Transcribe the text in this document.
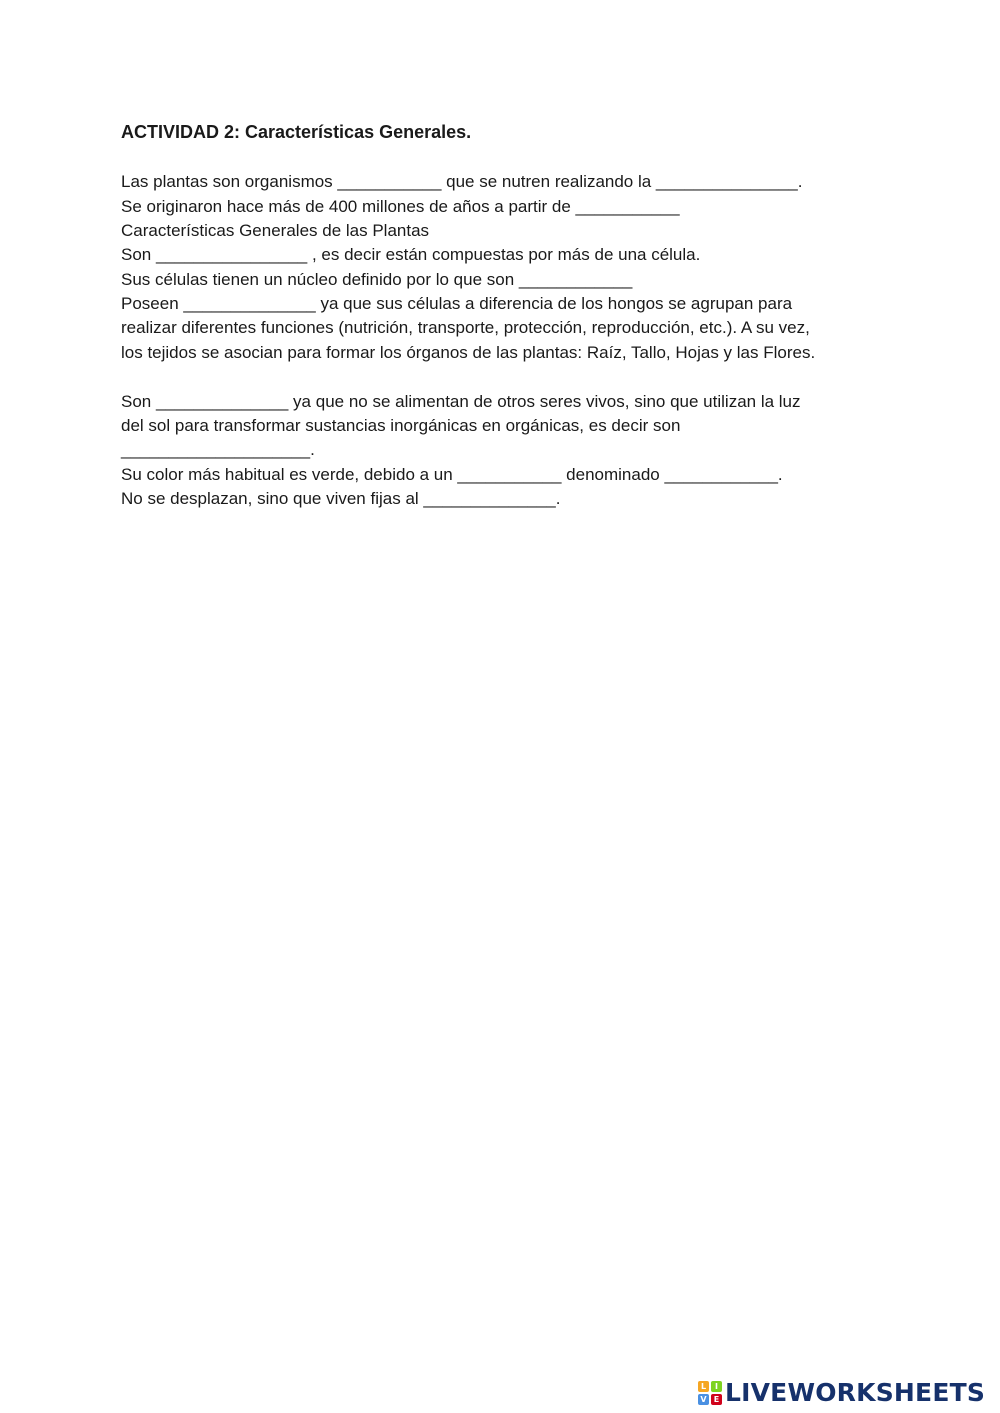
ACTIVIDAD 2: Características Generales.
Las plantas son organismos ___________ que se nutren realizando la _______________.
Se originaron hace más de 400 millones de años a partir de ___________
Características Generales de las Plantas
Son ________________ , es decir están compuestas por más de una célula.
Sus células tienen un núcleo definido por lo que son ____________
Poseen ______________ ya que sus células a diferencia de los hongos se agrupan para
realizar diferentes funciones (nutrición, transporte, protección, reproducción, etc.). A su vez,
los tejidos se asocian para formar los órganos de las plantas: Raíz, Tallo, Hojas y las Flores.
Son ______________ ya que no se alimentan de otros seres vivos, sino que utilizan la luz
del sol para transformar sustancias inorgánicas en orgánicas, es decir son
____________________.
Su color más habitual es verde, debido a un ___________ denominado ____________.
No se desplazan, sino que viven fijas al ______________.
L	I
V E LIVEWORKSHEETS
